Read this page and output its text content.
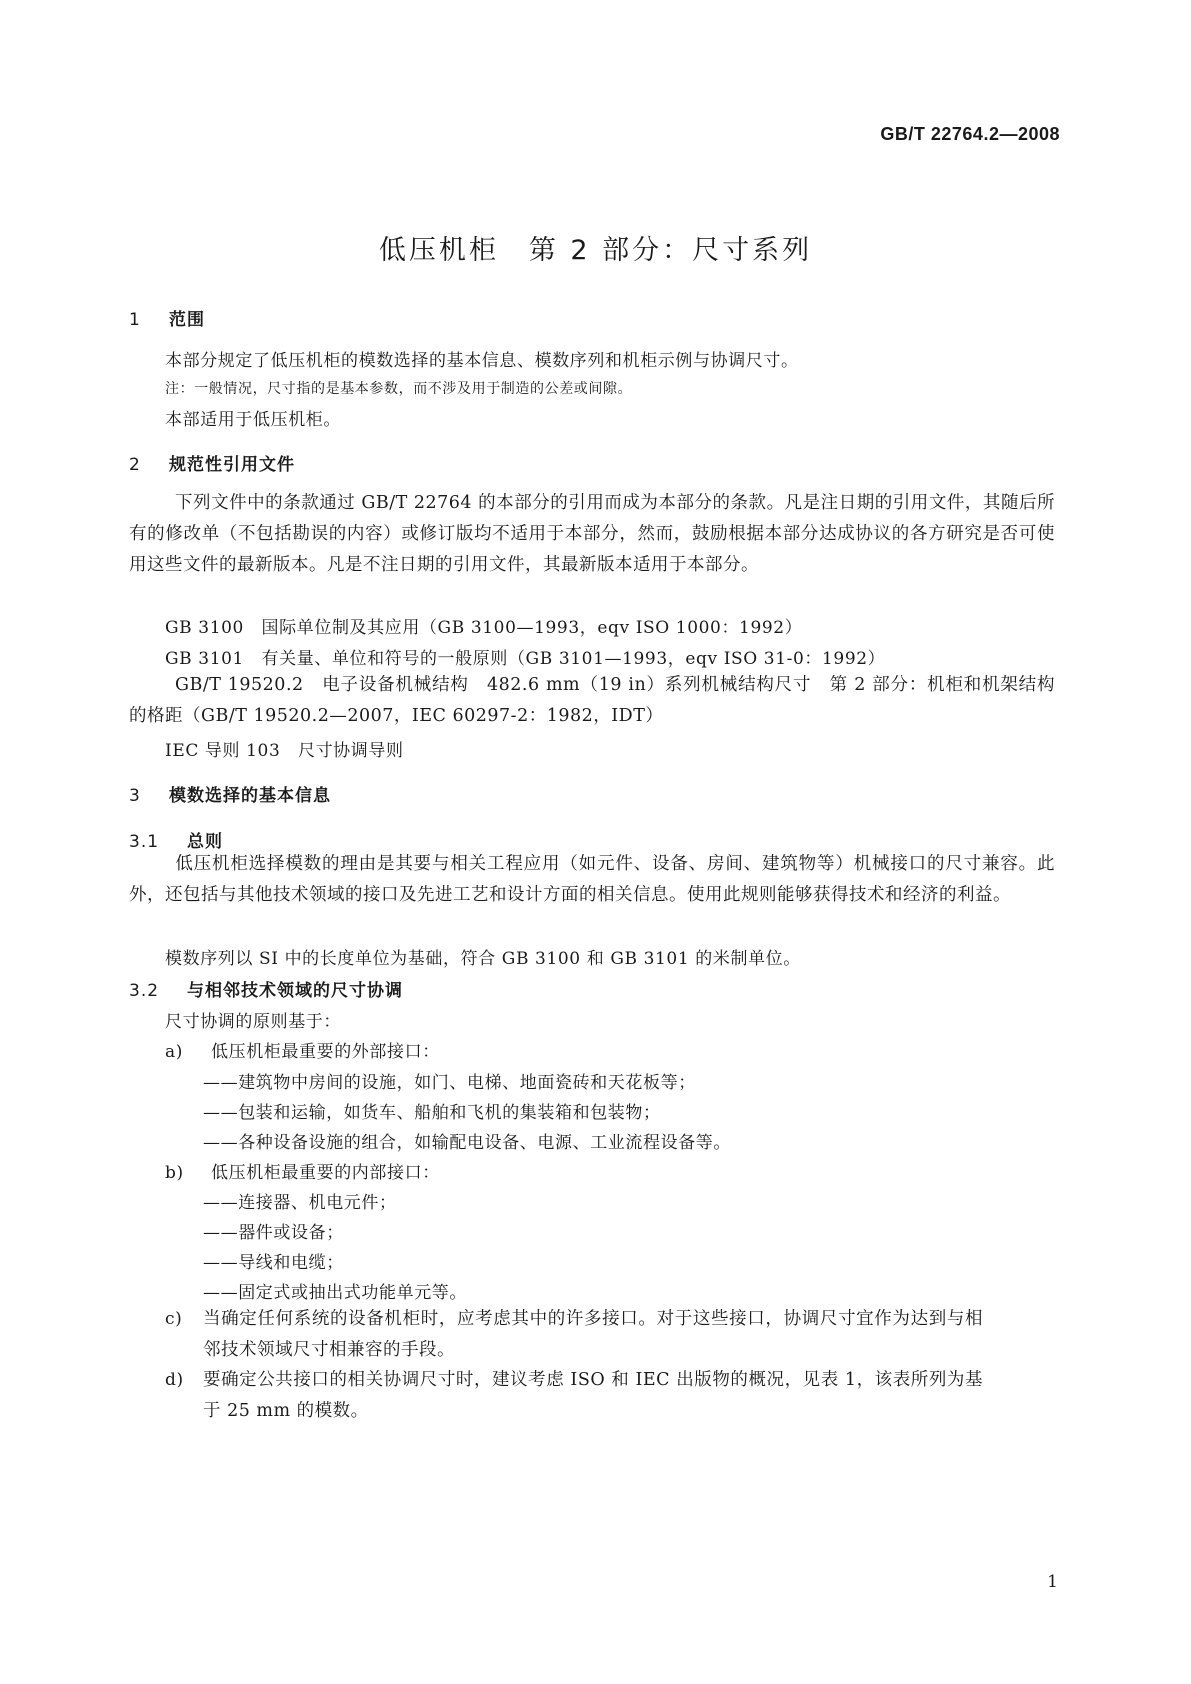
GB/T 22764.2—2008
低压机柜　第 2 部分：尺寸系列
1 范围
本部分规定了低压机柜的模数选择的基本信息、模数序列和机柜示例与协调尺寸。
注：一般情况，尺寸指的是基本参数，而不涉及用于制造的公差或间隙。
本部适用于低压机柜。
2 规范性引用文件
下列文件中的条款通过 GB/T 22764 的本部分的引用而成为本部分的条款。凡是注日期的引用文件，其随后所有的修改单（不包括勘误的内容）或修订版均不适用于本部分，然而，鼓励根据本部分达成协议的各方研究是否可使用这些文件的最新版本。凡是不注日期的引用文件，其最新版本适用于本部分。
GB 3100　国际单位制及其应用（GB 3100—1993，eqv ISO 1000：1992）
GB 3101　有关量、单位和符号的一般原则（GB 3101—1993，eqv ISO 31-0：1992）
GB/T 19520.2　电子设备机械结构　482.6 mm（19 in）系列机械结构尺寸　第 2 部分：机柜和机架结构的格距（GB/T 19520.2—2007，IEC 60297-2：1982，IDT）
IEC 导则 103　尺寸协调导则
3 模数选择的基本信息
3.1 总则
低压机柜选择模数的理由是其要与相关工程应用（如元件、设备、房间、建筑物等）机械接口的尺寸兼容。此外，还包括与其他技术领域的接口及先进工艺和设计方面的相关信息。使用此规则能够获得技术和经济的利益。
模数序列以 SI 中的长度单位为基础，符合 GB 3100 和 GB 3101 的米制单位。
3.2 与相邻技术领域的尺寸协调
尺寸协调的原则基于：
a) 低压机柜最重要的外部接口：
——建筑物中房间的设施，如门、电梯、地面瓷砖和天花板等；
——包装和运输，如货车、船舶和飞机的集装箱和包装物；
——各种设备设施的组合，如输配电设备、电源、工业流程设备等。
b) 低压机柜最重要的内部接口：
——连接器、机电元件；
——器件或设备；
——导线和电缆；
——固定式或抽出式功能单元等。
c) 当确定任何系统的设备机柜时，应考虑其中的许多接口。对于这些接口，协调尺寸宜作为达到与相邻技术领域尺寸相兼容的手段。
d) 要确定公共接口的相关协调尺寸时，建议考虑 ISO 和 IEC 出版物的概况，见表 1，该表所列为基于 25 mm 的模数。
1
